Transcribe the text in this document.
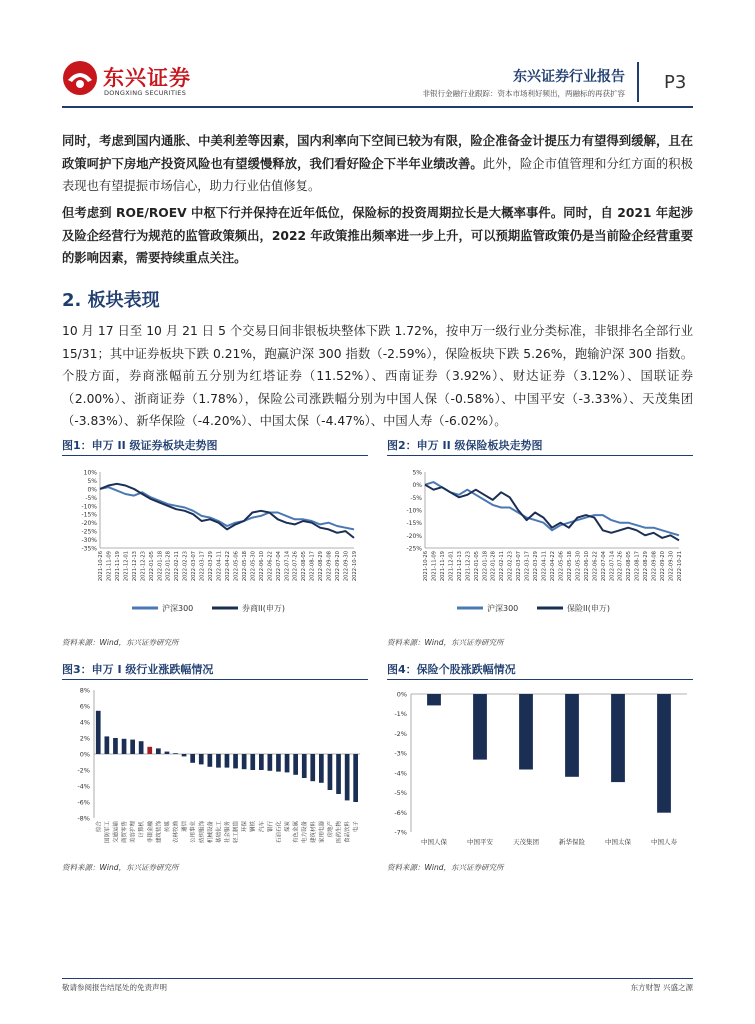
东兴证券
DONGXING SECURITIES
东兴证券行业报告
非银行金融行业跟踪：资本市场利好频出，两融标的再获扩容
P3
同时，考虑到国内通胀、中美利差等因素，国内利率向下空间已较为有限，险企准备金计提压力有望得到缓解，且在政策呵护下房地产投资风险也有望缓慢释放，我们看好险企下半年业绩改善。此外，险企市值管理和分红方面的积极表现也有望提振市场信心，助力行业估值修复。
但考虑到 ROE/ROEV 中枢下行并保持在近年低位，保险标的投资周期拉长是大概率事件。同时，自 2021 年起涉及险企经营行为规范的监管政策频出，2022 年政策推出频率进一步上升，可以预期监管政策仍是当前险企经营重要的影响因素，需要持续重点关注。
2. 板块表现
10 月 17 日至 10 月 21 日 5 个交易日间非银板块整体下跌 1.72%，按申万一级行业分类标准，非银排名全部行业 15/31；其中证券板块下跌 0.21%，跑赢沪深 300 指数（-2.59%），保险板块下跌 5.26%，跑输沪深 300 指数。个股方面，券商涨幅前五分别为红塔证券（11.52%）、西南证券（3.92%）、财达证券（3.12%）、国联证券（2.00%）、浙商证券（1.78%），保险公司涨跌幅分别为中国人保（-0.58%）、中国平安（-3.33%）、天茂集团（-3.83%）、新华保险（-4.20%）、中国太保（-4.47%）、中国人寿（-6.02%）。
图1：申万 II 级证券板块走势图	图2：申万 II 级保险板块走势图
10%
5%
0%
-5%
-10%
-15%
-20%
-25%
-30%
-35%
2021-10-26 2021-11-09 2021-11-19 2021-12-01 2021-12-13 2021-12-23 2022-01-05 2022-01-18 2022-01-28 2022-02-11 2022-02-23 2022-03-07 2022-03-17 2022-03-29 2022-04-11 2022-04-22 2022-05-06 2022-05-18 2022-05-30 2022-06-10 2022-06-22 2022-07-04 2022-07-14 2022-07-26 2022-08-05 2022-08-17 2022-08-29 2022-09-08 2022-09-20 2022-09-30 2022-10-19
沪深300	券商II(申万)
5%
0%
-5%
-10%
-15%
-20%
-25%
2021-10-26 2021-11-09 2021-11-19 2021-12-01 2021-12-13 2021-12-23 2022-01-05 2022-01-18 2022-01-28 2022-02-11 2022-02-23 2022-03-07 2022-03-17 2022-03-29 2022-04-11 2022-04-22 2022-05-06 2022-05-18 2022-05-30 2022-06-10 2022-06-22 2022-07-04 2022-07-14 2022-07-26 2022-08-05 2022-08-17 2022-08-29 2022-09-08 2022-09-20 2022-09-30 2022-10-21
沪深300	保险II(申万)
资料来源：Wind，东兴证券研究所	资料来源：Wind，东兴证券研究所
图3：申万 I 级行业涨跌幅情况	图4：保险个股涨跌幅情况
8%
6%
4%
2%
0%
-2%
-4%
-6%
-8%
综合 国防军工 交通运输 商贸零售 美容护理 计算机 非银金融 建筑装饰 传媒 农林牧渔 通信 公用事业 纺织服饰 机械设备 基础化工 社会服务 轻工制造 环保 钢铁 汽车 银行 石油石化 煤炭 有色金属 电力设备 建筑材料 家用电器 房地产 医药生物 食品饮料 电子
0%
-1%
-2%
-3%
-4%
-5%
-6%
-7%
中国人保	中国平安	天茂集团	新华保险	中国太保	中国人寿
资料来源：Wind，东兴证券研究所	资料来源：Wind，东兴证券研究所
敬请参阅报告结尾处的免责声明	东方财智 兴盛之源
